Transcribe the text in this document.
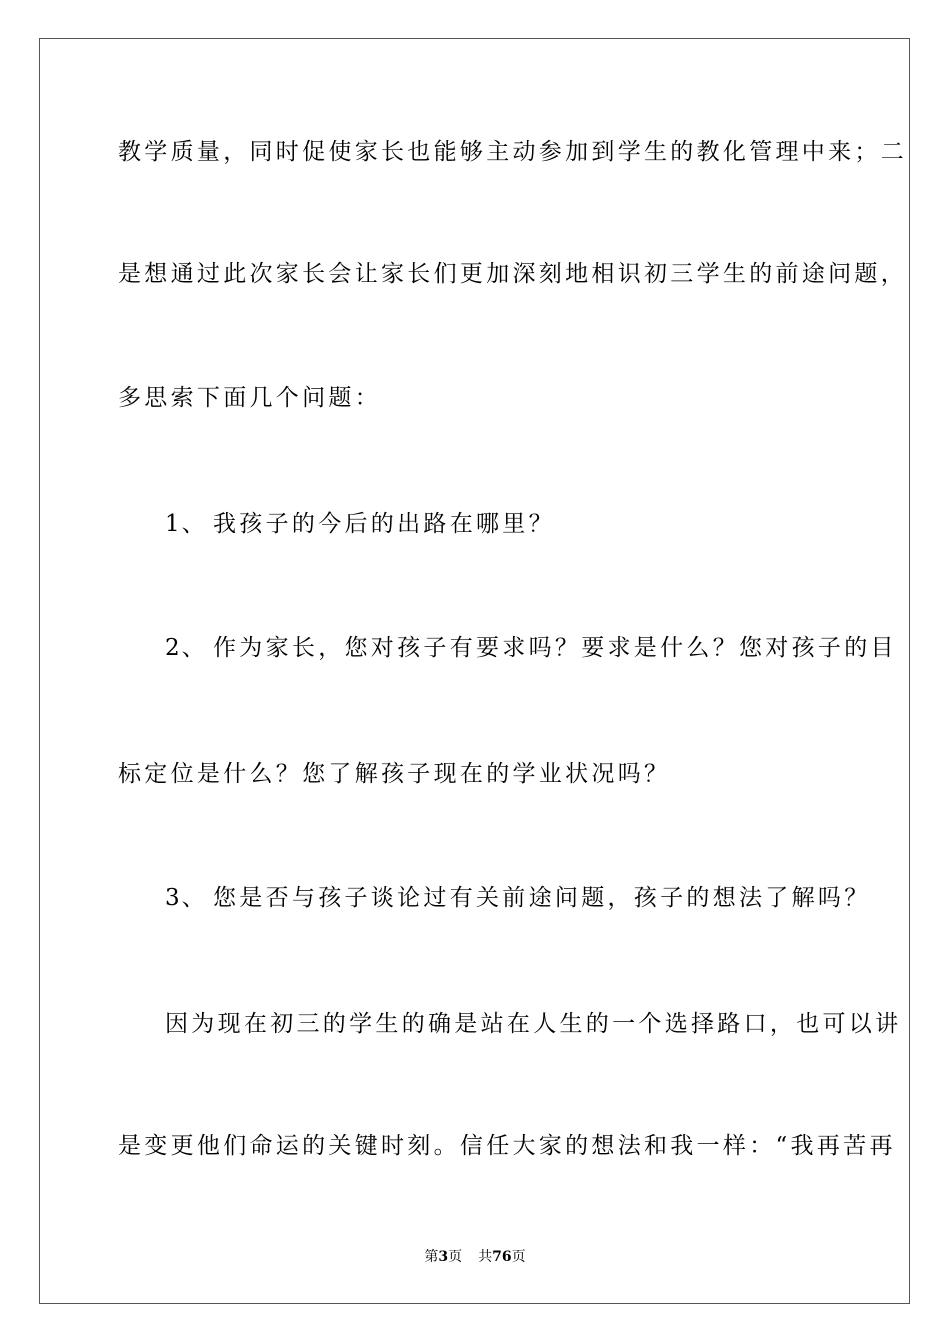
教学质量，同时促使家长也能够主动参加到学生的教化管理中来；二
是想通过此次家长会让家长们更加深刻地相识初三学生的前途问题，
多思索下面几个问题：
1、 我孩子的今后的出路在哪里？
2、 作为家长，您对孩子有要求吗？要求是什么？您对孩子的目
标定位是什么？您了解孩子现在的学业状况吗？
3、 您是否与孩子谈论过有关前途问题，孩子的想法了解吗？
因为现在初三的学生的确是站在人生的一个选择路口，也可以讲
是变更他们命运的关键时刻。信任大家的想法和我一样：“我再苦再
第3页 共76页
